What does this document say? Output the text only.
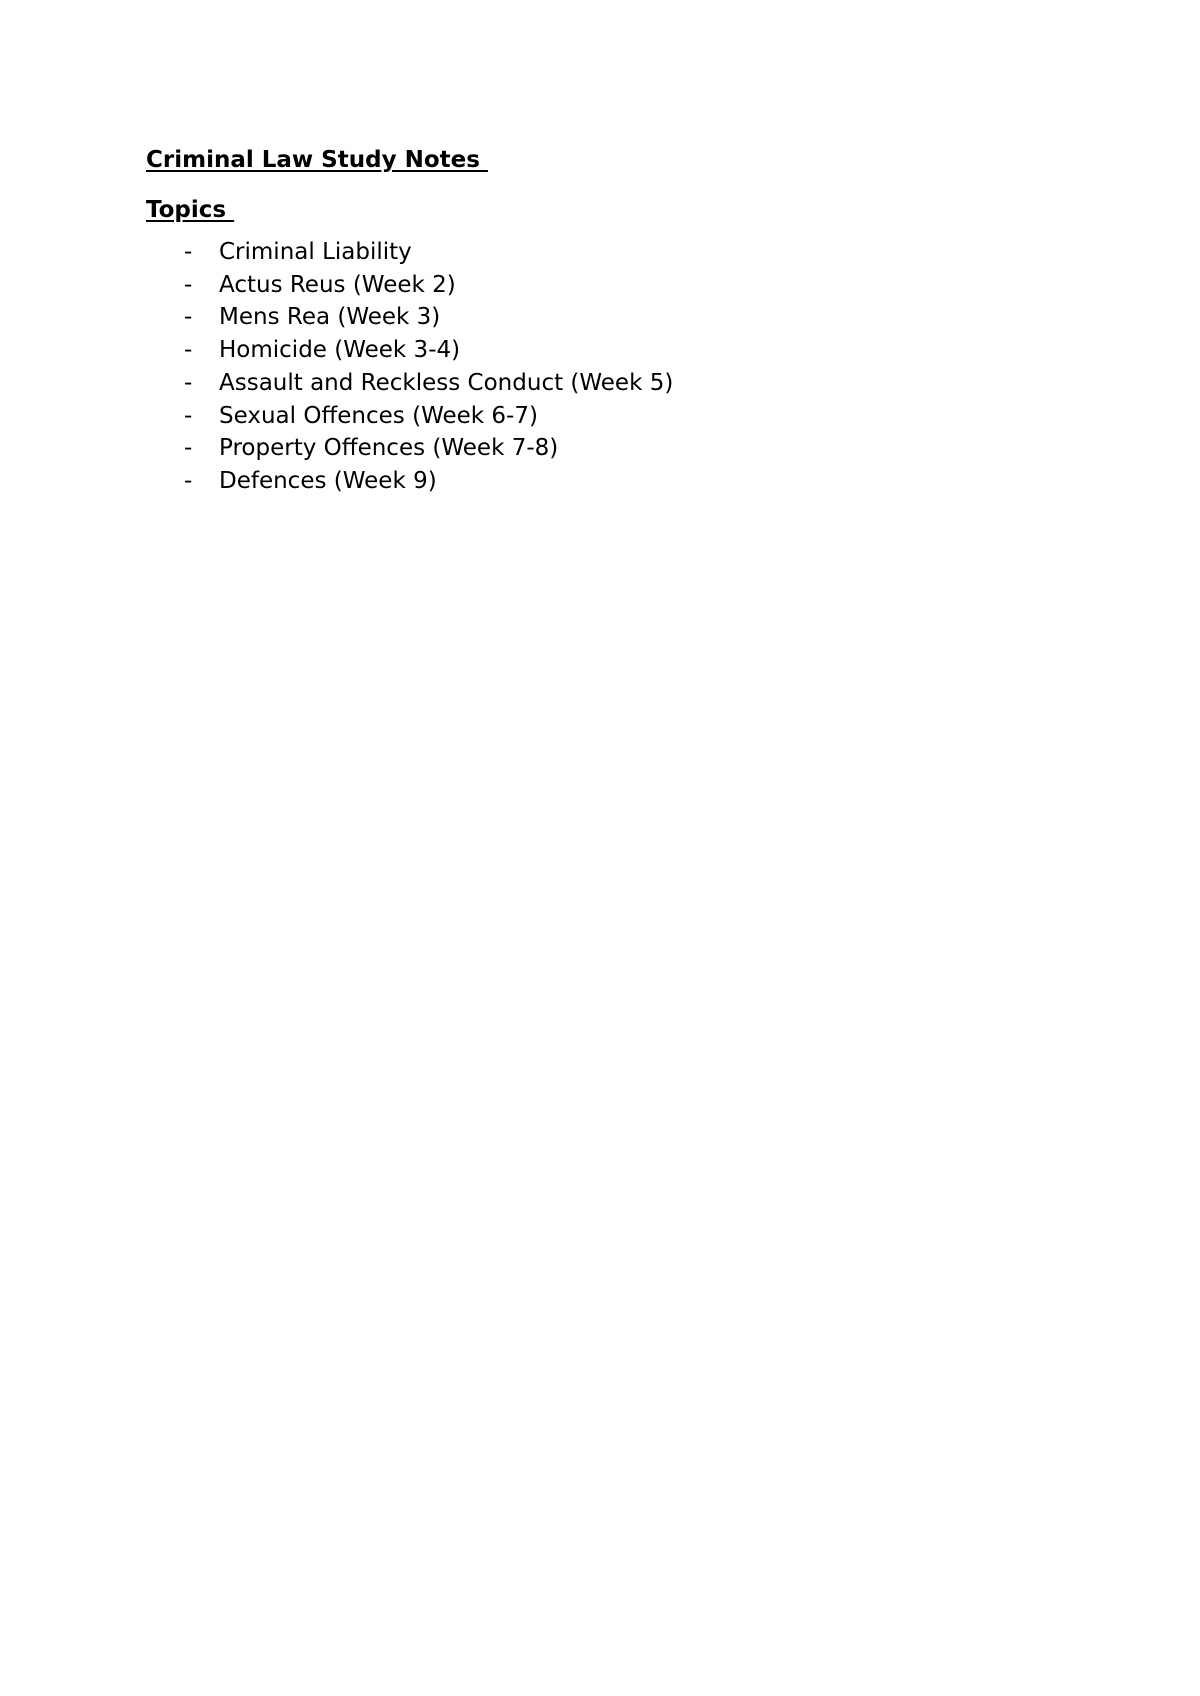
Criminal Law Study Notes

Topics

-	Criminal Liability
-	Actus Reus (Week 2)
-	Mens Rea (Week 3)
-	Homicide (Week 3-4)
-	Assault and Reckless Conduct (Week 5)
-	Sexual Offences (Week 6-7)
-	Property Offences (Week 7-8)
-	Defences (Week 9)
